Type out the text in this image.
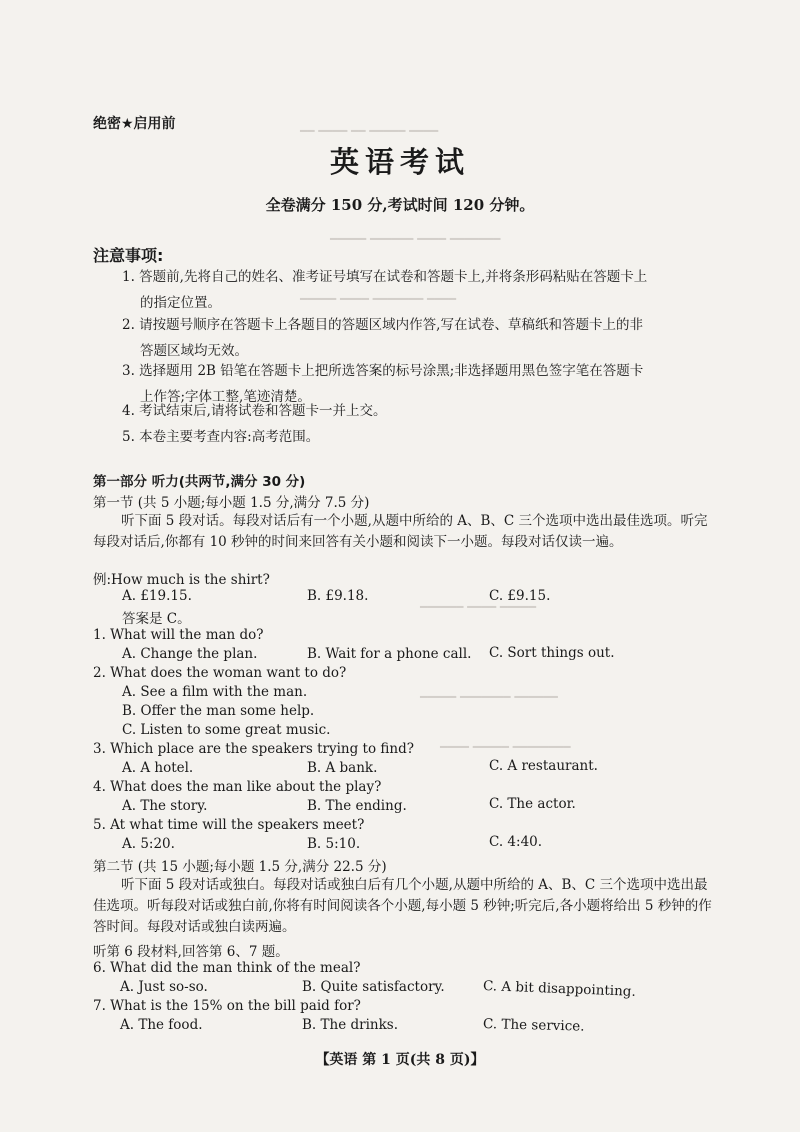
━━ ━━━━ ━━ ━━━━━ ━━━━
━━━━━ ━━━━━━ ━━━━ ━━━━━━━
━━━━━ ━━━━ ━━━━━━━ ━━━━
━━━━━━ ━━━━ ━━━━━
━━━━━ ━━━━━━━ ━━━━━━
━━━━ ━━━━━ ━━━━━━━━
绝密★启用前
英语考试
全卷满分 150 分,考试时间 120 分钟。
注意事项:
1. 答题前,先将自己的姓名、准考证号填写在试卷和答题卡上,并将条形码粘贴在答题卡上
的指定位置。
2. 请按题号顺序在答题卡上各题目的答题区域内作答,写在试卷、草稿纸和答题卡上的非
答题区域均无效。
3. 选择题用 2B 铅笔在答题卡上把所选答案的标号涂黑;非选择题用黑色签字笔在答题卡
上作答;字体工整,笔迹清楚。
4. 考试结束后,请将试卷和答题卡一并上交。
5. 本卷主要考查内容:高考范围。
第一部分 听力(共两节,满分 30 分)
第一节 (共 5 小题;每小题 1.5 分,满分 7.5 分)
听下面 5 段对话。每段对话后有一个小题,从题中所给的 A、B、C 三个选项中选出最佳选项。听完每段对话后,你都有 10 秒钟的时间来回答有关小题和阅读下一小题。每段对话仅读一遍。
例:How much is the shirt?
A. £19.15.	B. £9.18.	C. £9.15.
答案是 C。
1. What will the man do?
A. Change the plan.	B. Wait for a phone call. C. Sort things out.
2. What does the woman want to do?
A. See a film with the man.
B. Offer the man some help.
C. Listen to some great music.
3. Which place are the speakers trying to find?
A. A hotel.	B. A bank.	C. A restaurant.
4. What does the man like about the play?
A. The story.	B. The ending.	C. The actor.
5. At what time will the speakers meet?
A. 5:20.	B. 5:10.	C. 4:40.
第二节 (共 15 小题;每小题 1.5 分,满分 22.5 分)
听下面 5 段对话或独白。每段对话或独白后有几个小题,从题中所给的 A、B、C 三个选项中选出最佳选项。听每段对话或独白前,你将有时间阅读各个小题,每小题 5 秒钟;听完后,各小题将给出 5 秒钟的作答时间。每段对话或独白读两遍。
听第 6 段材料,回答第 6、7 题。
6. What did the man think of the meal?
A. Just so-so.	B. Quite satisfactory.	C. A bit disappointing.
7. What is the 15% on the bill paid for?
A. The food.	B. The drinks.	C. The service.
【英语 第 1 页(共 8 页)】
